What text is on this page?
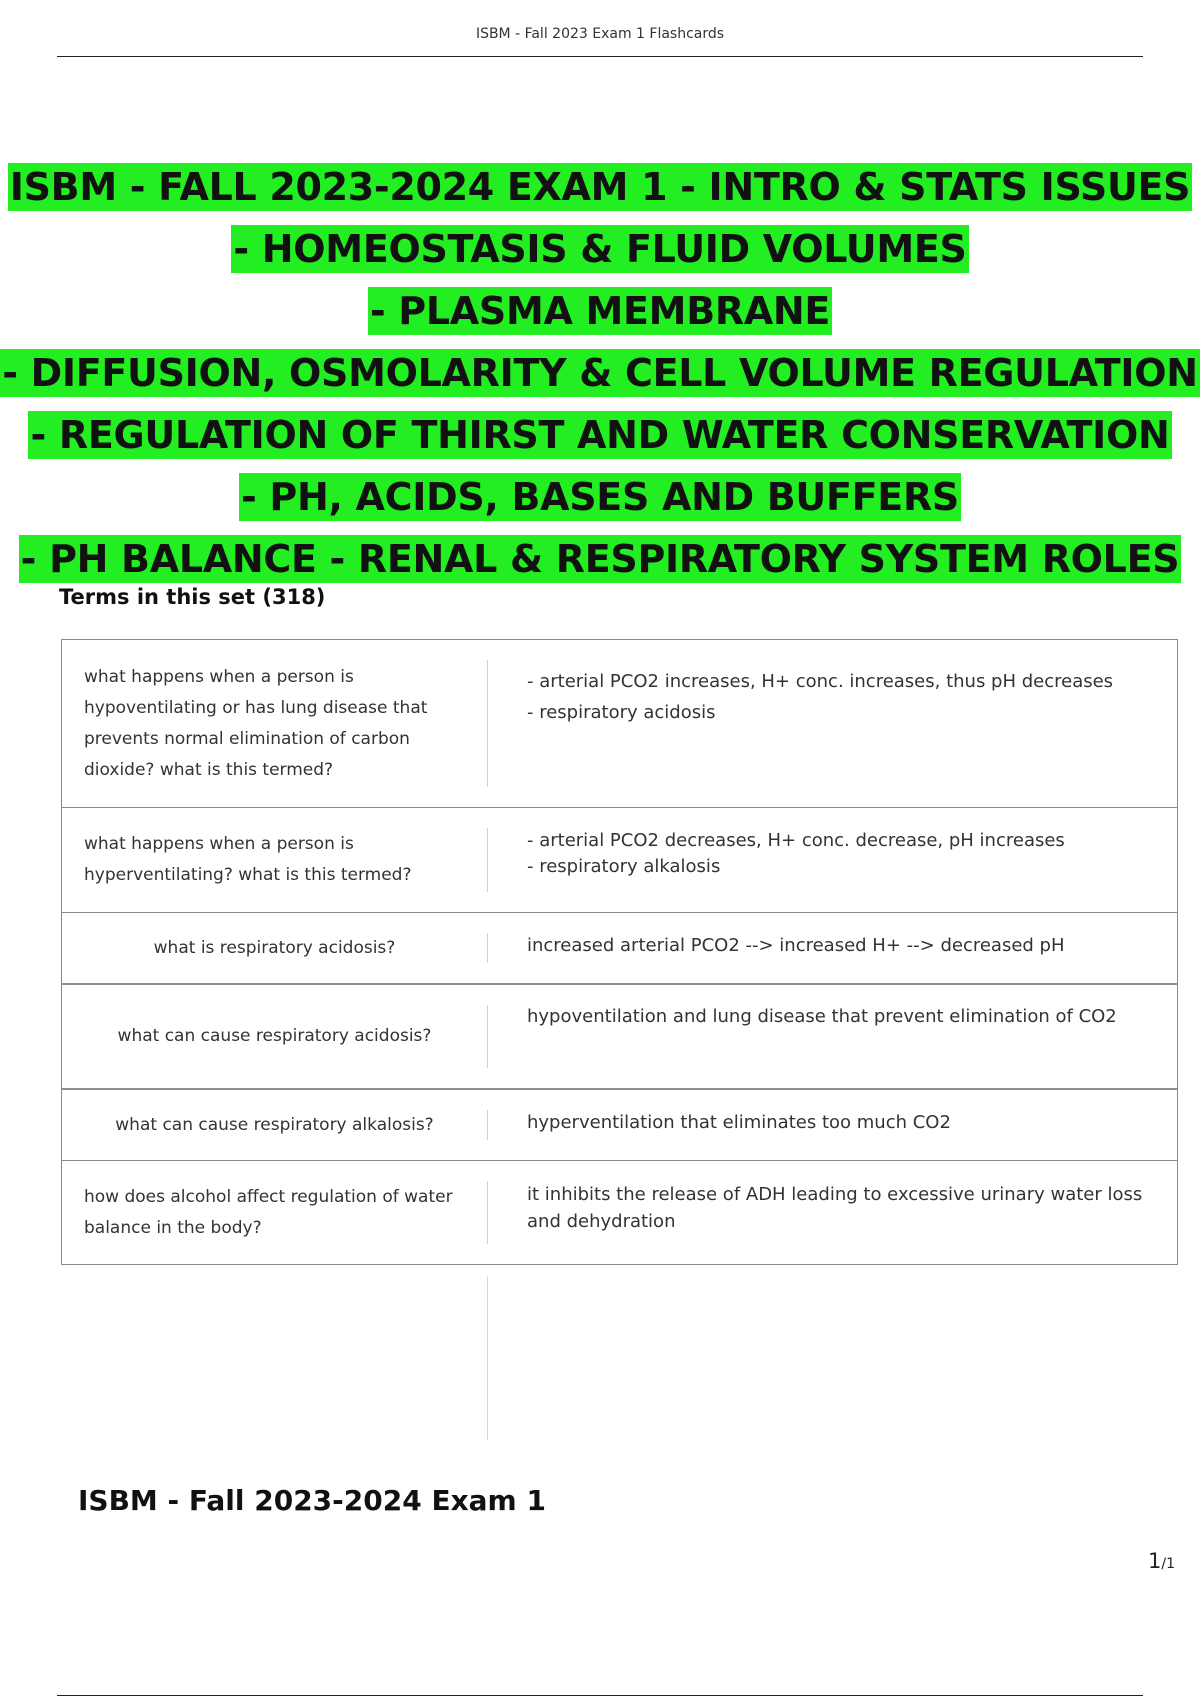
ISBM - Fall 2023 Exam 1 Flashcards
ISBM - FALL 2023-2024 EXAM 1 - INTRO & STATS ISSUES
- HOMEOSTASIS & FLUID VOLUMES
- PLASMA MEMBRANE
- DIFFUSION, OSMOLARITY & CELL VOLUME REGULATION
- REGULATION OF THIRST AND WATER CONSERVATION
- PH, ACIDS, BASES AND BUFFERS
- PH BALANCE - RENAL & RESPIRATORY SYSTEM ROLES
Terms in this set (318)
what happens when a person is hypoventilating or has lung disease that prevents normal elimination of carbon dioxide? what is this termed?
- arterial PCO2 increases, H+ conc. increases, thus pH decreases
- respiratory acidosis
what happens when a person is hyperventilating? what is this termed?
- arterial PCO2 decreases, H+ conc. decrease, pH increases
- respiratory alkalosis
what is respiratory acidosis?	increased arterial PCO2 --> increased H+ --> decreased pH
what can cause respiratory acidosis?
hypoventilation and lung disease that prevent elimination of CO2
what can cause respiratory alkalosis?	hyperventilation that eliminates too much CO2
how does alcohol affect regulation of water balance in the body?
it inhibits the release of ADH leading to excessive urinary water loss and dehydration
ISBM - Fall 2023-2024 Exam 1
1/1
